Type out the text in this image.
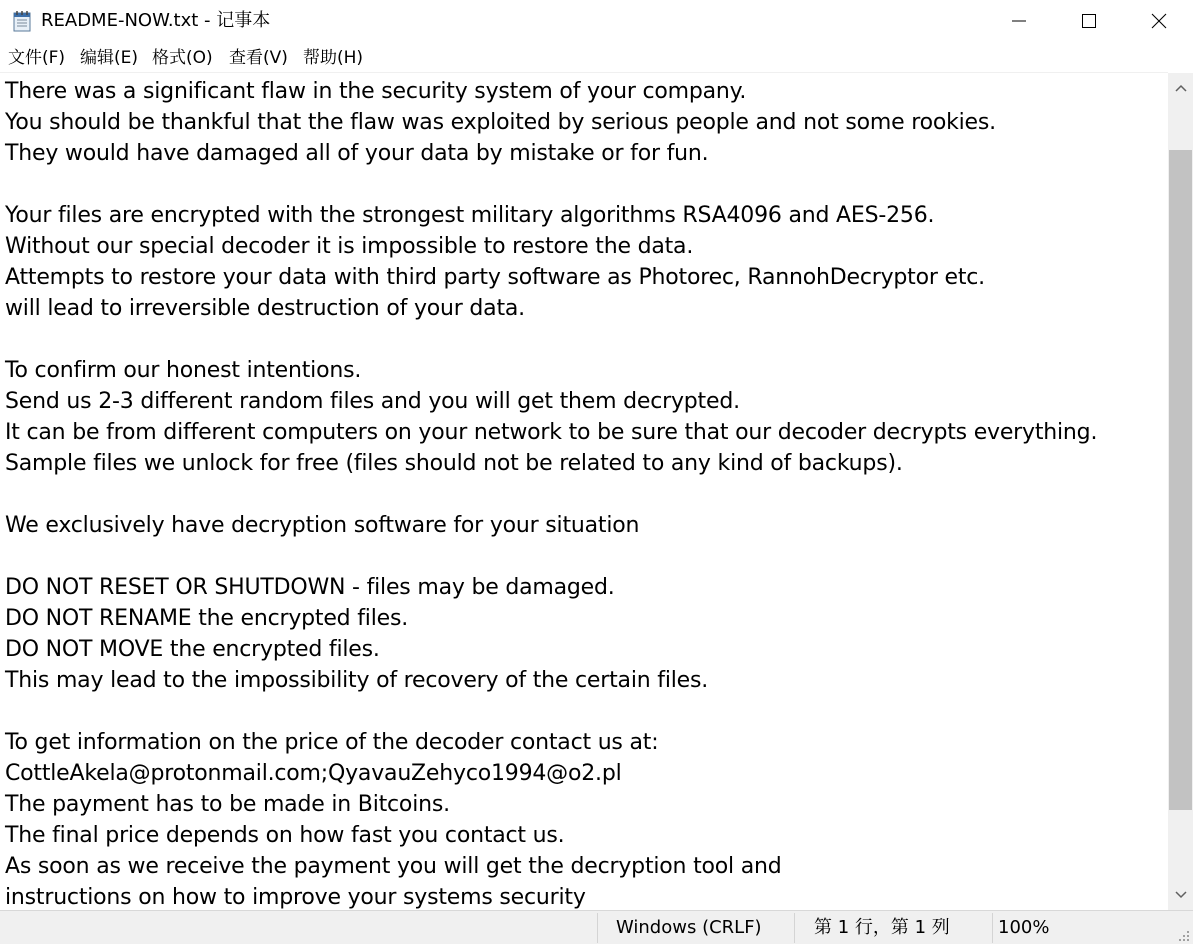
README-NOW.txt - 记事本
文件(F) 编辑(E) 格式(O) 查看(V) 帮助(H)
There was a significant flaw in the security system of your company.
You should be thankful that the flaw was exploited by serious people and not some rookies.
They would have damaged all of your data by mistake or for fun.

Your files are encrypted with the strongest military algorithms RSA4096 and AES-256.
Without our special decoder it is impossible to restore the data.
Attempts to restore your data with third party software as Photorec, RannohDecryptor etc.
will lead to irreversible destruction of your data.

To confirm our honest intentions.
Send us 2-3 different random files and you will get them decrypted.
It can be from different computers on your network to be sure that our decoder decrypts everything.
Sample files we unlock for free (files should not be related to any kind of backups).

We exclusively have decryption software for your situation

DO NOT RESET OR SHUTDOWN - files may be damaged.
DO NOT RENAME the encrypted files.
DO NOT MOVE the encrypted files.
This may lead to the impossibility of recovery of the certain files.

To get information on the price of the decoder contact us at:
CottleAkela@protonmail.com;QyavauZehyco1994@o2.pl
The payment has to be made in Bitcoins.
The final price depends on how fast you contact us.
As soon as we receive the payment you will get the decryption tool and
instructions on how to improve your systems security
Windows (CRLF)	第 1 行，第 1 列	100%
